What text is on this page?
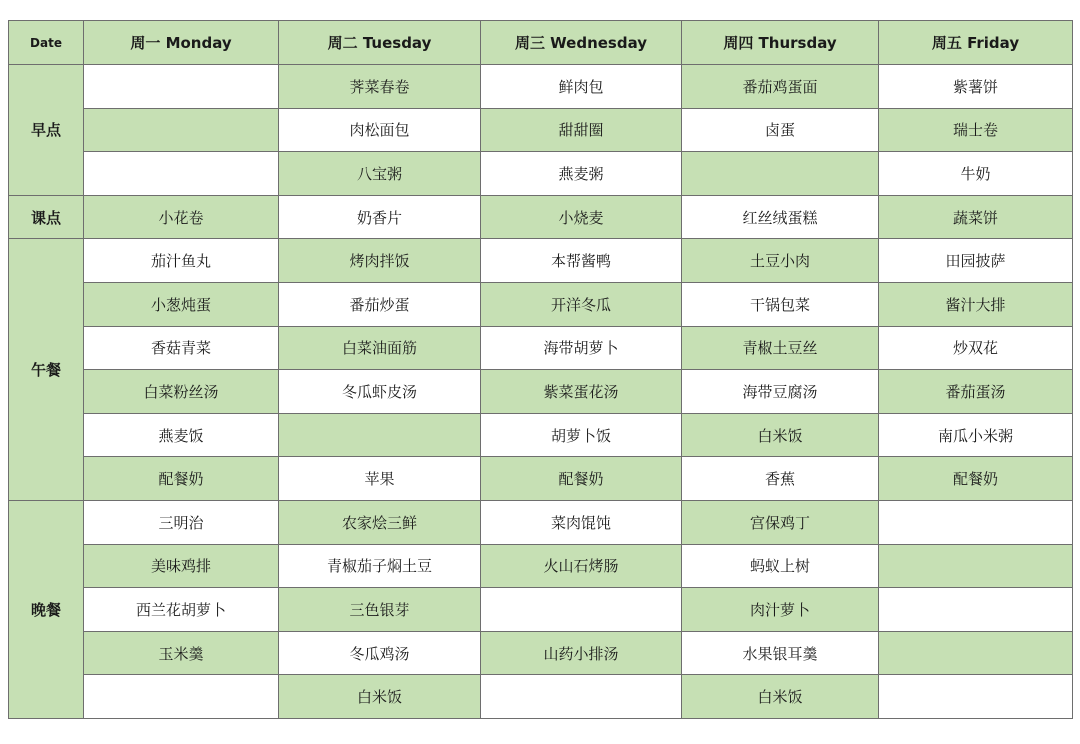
Date	周一 Monday	周二 Tuesday	周三 Wednesday	周四 Thursday	周五 Friday
早点		荠菜春卷	鲜肉包	番茄鸡蛋面	紫薯饼
		肉松面包	甜甜圈	卤蛋	瑞士卷
		八宝粥	燕麦粥		牛奶
课点	小花卷	奶香片	小烧麦	红丝绒蛋糕	蔬菜饼
午餐	茄汁鱼丸	烤肉拌饭	本帮酱鸭	土豆小肉	田园披萨
	小葱炖蛋	番茄炒蛋	开洋冬瓜	干锅包菜	酱汁大排
	香菇青菜	白菜油面筋	海带胡萝卜	青椒土豆丝	炒双花
	白菜粉丝汤	冬瓜虾皮汤	紫菜蛋花汤	海带豆腐汤	番茄蛋汤
	燕麦饭		胡萝卜饭	白米饭	南瓜小米粥
	配餐奶	苹果	配餐奶	香蕉	配餐奶
晚餐	三明治	农家烩三鲜	菜肉馄饨	宫保鸡丁	
	美味鸡排	青椒茄子焖土豆	火山石烤肠	蚂蚁上树	
	西兰花胡萝卜	三色银芽		肉汁萝卜	
	玉米羹	冬瓜鸡汤	山药小排汤	水果银耳羹	
		白米饭		白米饭	
